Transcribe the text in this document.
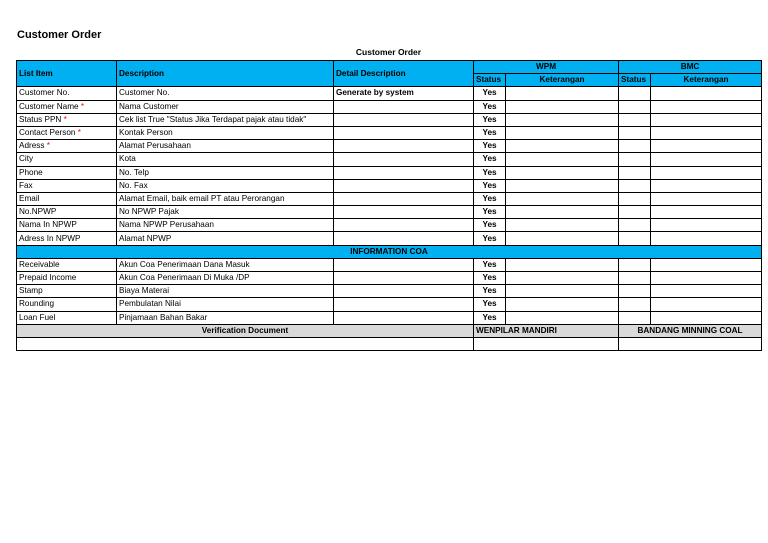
Customer Order
Customer Order
List Item	Description	Detail Description	WPM		BMC	
			Status	Keterangan	Status	Keterangan
Customer No.	Customer No.	Generate by system	Yes			
Customer Name *	Nama Customer		Yes			
Status PPN *	Cek list True "Status Jika Terdapat pajak atau tidak"		Yes			
Contact Person *	Kontak Person		Yes			
Adress *	Alamat Perusahaan		Yes			
City	Kota		Yes			
Phone	No. Telp		Yes			
Fax	No. Fax		Yes			
Email	Alamat Email, baik email PT atau Perorangan		Yes			
No.NPWP	No NPWP Pajak		Yes			
Nama In NPWP	Nama NPWP Perusahaan		Yes			
Adress In NPWP	Alamat NPWP		Yes			
INFORMATION COA						
Receivable	Akun Coa Penerimaan Dana Masuk		Yes			
Prepaid Income	Akun Coa Penerimaan Di Muka /DP		Yes			
Stamp	Biaya Materai		Yes			
Rounding	Pembulatan Nilai		Yes			
Loan Fuel	Pinjamaan Bahan Bakar		Yes			
Verification Document			WENPILAR MANDIRI		BANDANG MINNING COAL	
